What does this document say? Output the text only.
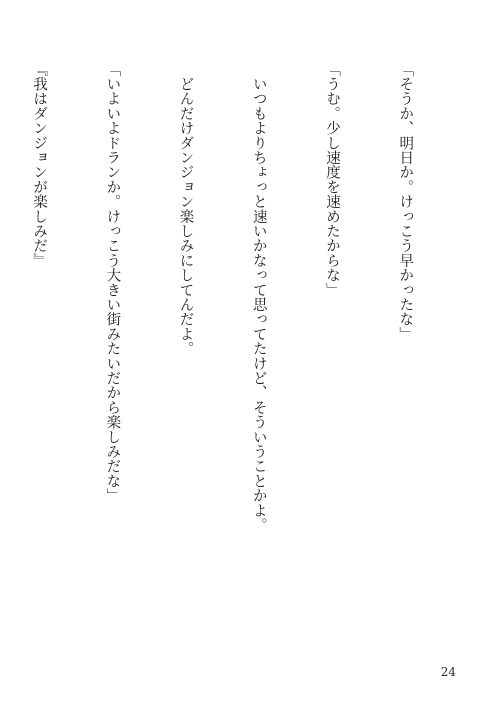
「そうか、明日か。けっこう早かったな」

「うむ。少し速度を速めたからな」

　いつもよりちょっと速いかなって思ってたけど、そういうことかよ。

　どんだけダンジョン楽しみにしてんだよ。

「いよいよドランか。けっこう大きい街みたいだから楽しみだな」

『我はダンジョンが楽しみだ』

24
